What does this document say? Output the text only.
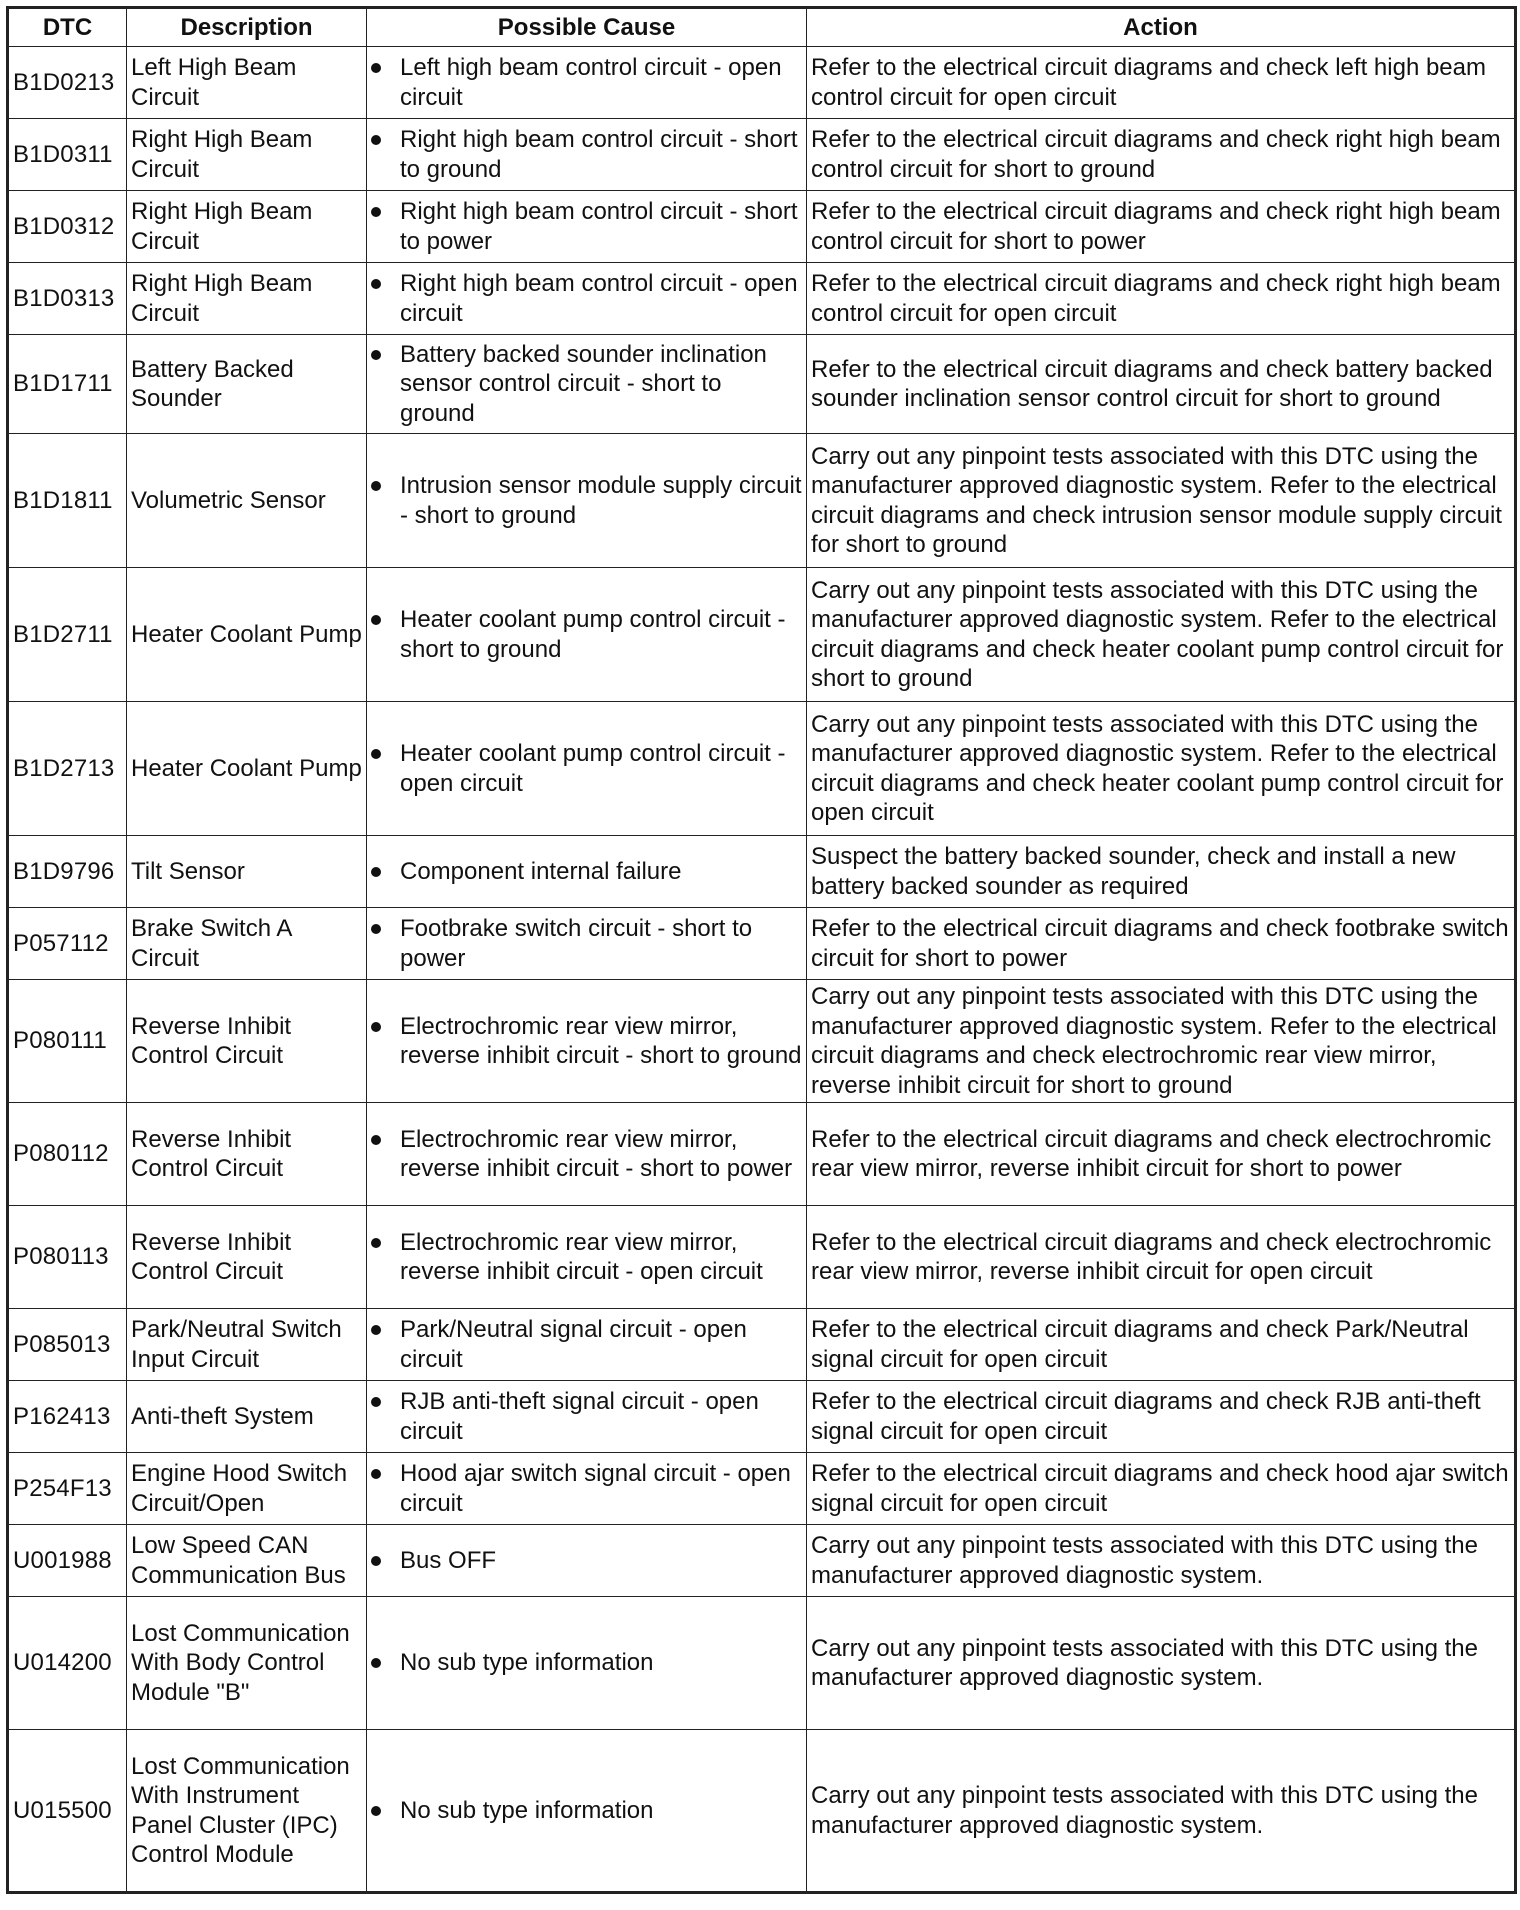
DTC	Description	Possible Cause	Action
B1D0213	Left High Beam Circuit	Left high beam control circuit - open circuit	Refer to the electrical circuit diagrams and check left high beam control circuit for open circuit
B1D0311	Right High Beam Circuit	Right high beam control circuit - short to ground	Refer to the electrical circuit diagrams and check right high beam control circuit for short to ground
B1D0312	Right High Beam Circuit	Right high beam control circuit - short to power	Refer to the electrical circuit diagrams and check right high beam control circuit for short to power
B1D0313	Right High Beam Circuit	Right high beam control circuit - open circuit	Refer to the electrical circuit diagrams and check right high beam control circuit for open circuit
B1D1711	Battery Backed Sounder	Battery backed sounder inclination sensor control circuit - short to ground	Refer to the electrical circuit diagrams and check battery backed sounder inclination sensor control circuit for short to ground
B1D1811	Volumetric Sensor	Intrusion sensor module supply circuit - short to ground	Carry out any pinpoint tests associated with this DTC using the manufacturer approved diagnostic system. Refer to the electrical circuit diagrams and check intrusion sensor module supply circuit for short to ground
B1D2711	Heater Coolant Pump	Heater coolant pump control circuit - short to ground	Carry out any pinpoint tests associated with this DTC using the manufacturer approved diagnostic system. Refer to the electrical circuit diagrams and check heater coolant pump control circuit for short to ground
B1D2713	Heater Coolant Pump	Heater coolant pump control circuit - open circuit	Carry out any pinpoint tests associated with this DTC using the manufacturer approved diagnostic system. Refer to the electrical circuit diagrams and check heater coolant pump control circuit for open circuit
B1D9796	Tilt Sensor	Component internal failure	Suspect the battery backed sounder, check and install a new battery backed sounder as required
P057112	Brake Switch A Circuit	Footbrake switch circuit - short to power	Refer to the electrical circuit diagrams and check footbrake switch circuit for short to power
P080111	Reverse Inhibit Control Circuit	Electrochromic rear view mirror, reverse inhibit circuit - short to ground	Carry out any pinpoint tests associated with this DTC using the manufacturer approved diagnostic system. Refer to the electrical circuit diagrams and check electrochromic rear view mirror, reverse inhibit circuit for short to ground
P080112	Reverse Inhibit Control Circuit	Electrochromic rear view mirror, reverse inhibit circuit - short to power	Refer to the electrical circuit diagrams and check electrochromic rear view mirror, reverse inhibit circuit for short to power
P080113	Reverse Inhibit Control Circuit	Electrochromic rear view mirror, reverse inhibit circuit - open circuit	Refer to the electrical circuit diagrams and check electrochromic rear view mirror, reverse inhibit circuit for open circuit
P085013	Park/Neutral Switch Input Circuit	Park/Neutral signal circuit - open circuit	Refer to the electrical circuit diagrams and check Park/Neutral signal circuit for open circuit
P162413	Anti-theft System	RJB anti-theft signal circuit - open circuit	Refer to the electrical circuit diagrams and check RJB anti-theft signal circuit for open circuit
P254F13	Engine Hood Switch Circuit/Open	Hood ajar switch signal circuit - open circuit	Refer to the electrical circuit diagrams and check hood ajar switch signal circuit for open circuit
U001988	Low Speed CAN Communication Bus	Bus OFF	Carry out any pinpoint tests associated with this DTC using the manufacturer approved diagnostic system.
U014200	Lost Communication With Body Control Module "B"	No sub type information	Carry out any pinpoint tests associated with this DTC using the manufacturer approved diagnostic system.
U015500	Lost Communication With Instrument Panel Cluster (IPC) Control Module	No sub type information	Carry out any pinpoint tests associated with this DTC using the manufacturer approved diagnostic system.
